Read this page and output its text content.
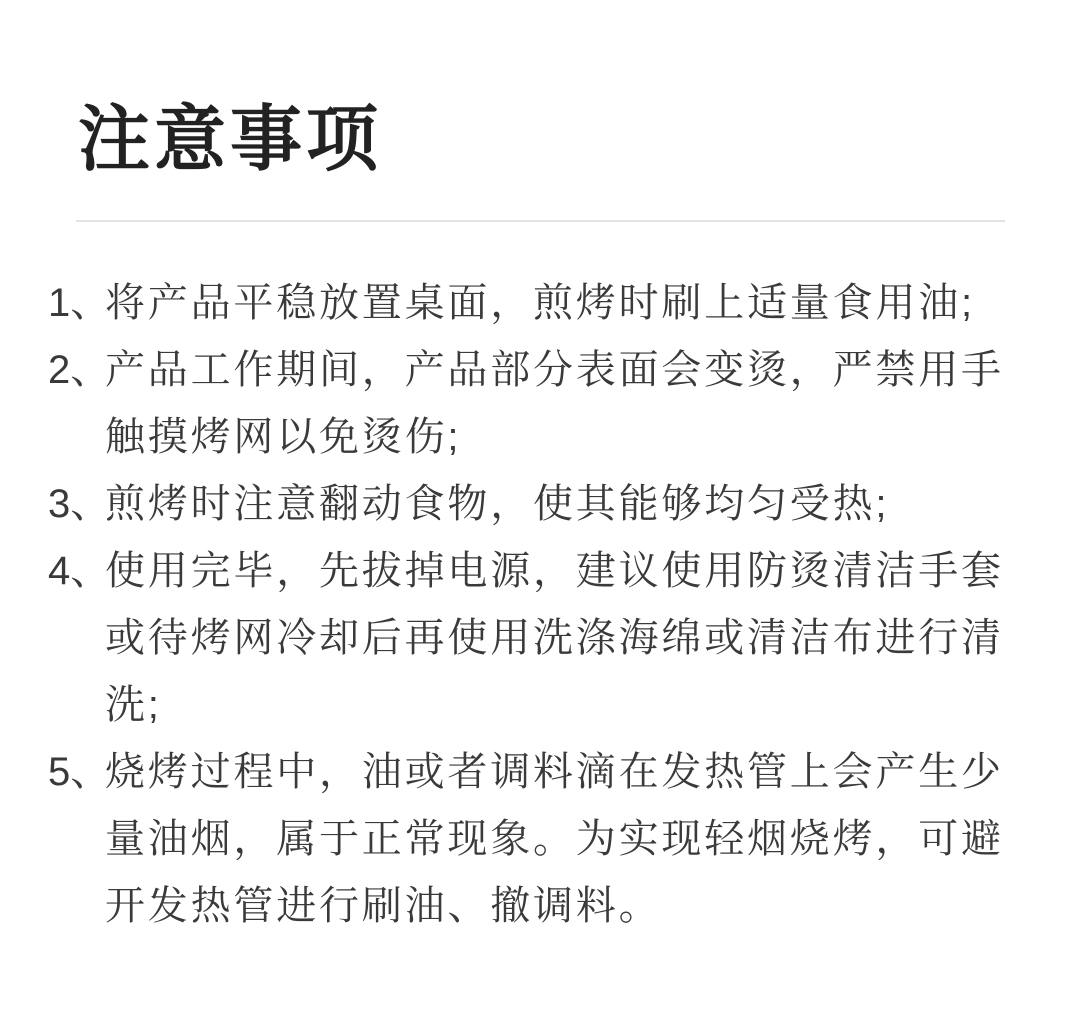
注意事项
1、
将产品平稳放置桌面，煎烤时刷上适量食用油;
2、
产品工作期间，产品部分表面会变烫，严禁用手触摸烤网以免烫伤;
3、
煎烤时注意翻动食物，使其能够均匀受热;
4、
使用完毕，先拔掉电源，建议使用防烫清洁手套或待烤网冷却后再使用洗涤海绵或清洁布进行清洗;
5、
烧烤过程中，油或者调料滴在发热管上会产生少量油烟，属于正常现象。为实现轻烟烧烤，可避开发热管进行刷油、撤调料。
